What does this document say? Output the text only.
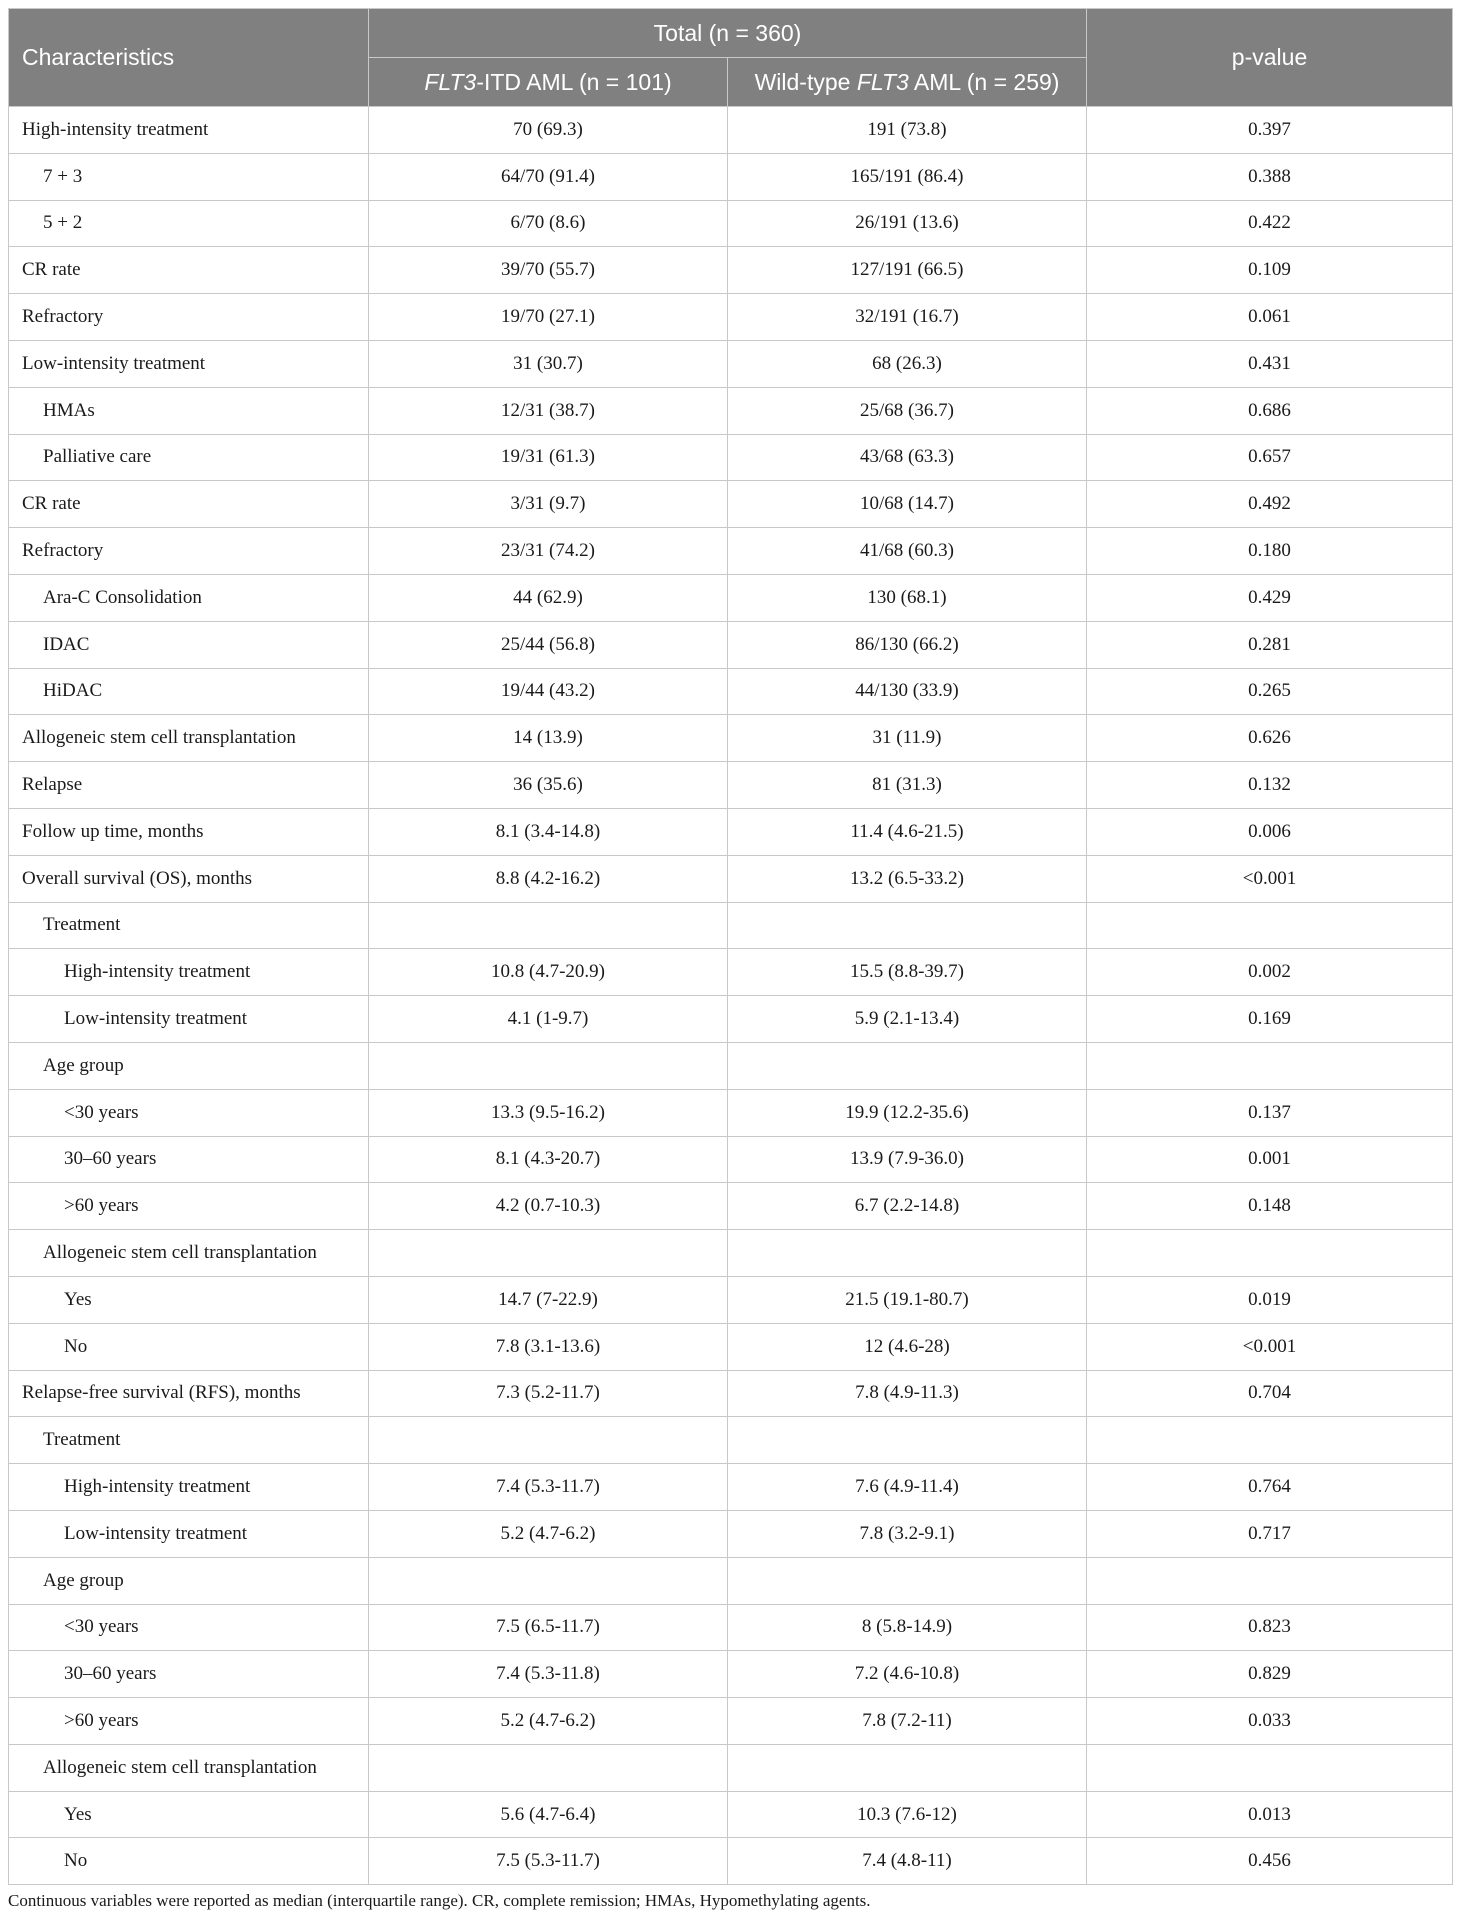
Characteristics	Total (n = 360)		p-value
	FLT3-ITD AML (n = 101)	Wild-type FLT3 AML (n = 259)	
High-intensity treatment	70 (69.3)	191 (73.8)	0.397
7 + 3	64/70 (91.4)	165/191 (86.4)	0.388
5 + 2	6/70 (8.6)	26/191 (13.6)	0.422
CR rate	39/70 (55.7)	127/191 (66.5)	0.109
Refractory	19/70 (27.1)	32/191 (16.7)	0.061
Low-intensity treatment	31 (30.7)	68 (26.3)	0.431
HMAs	12/31 (38.7)	25/68 (36.7)	0.686
Palliative care	19/31 (61.3)	43/68 (63.3)	0.657
CR rate	3/31 (9.7)	10/68 (14.7)	0.492
Refractory	23/31 (74.2)	41/68 (60.3)	0.180
Ara-C Consolidation	44 (62.9)	130 (68.1)	0.429
IDAC	25/44 (56.8)	86/130 (66.2)	0.281
HiDAC	19/44 (43.2)	44/130 (33.9)	0.265
Allogeneic stem cell transplantation	14 (13.9)	31 (11.9)	0.626
Relapse	36 (35.6)	81 (31.3)	0.132
Follow up time, months	8.1 (3.4-14.8)	11.4 (4.6-21.5)	0.006
Overall survival (OS), months	8.8 (4.2-16.2)	13.2 (6.5-33.2)	<0.001
Treatment			
High-intensity treatment	10.8 (4.7-20.9)	15.5 (8.8-39.7)	0.002
Low-intensity treatment	4.1 (1-9.7)	5.9 (2.1-13.4)	0.169
Age group			
<30 years	13.3 (9.5-16.2)	19.9 (12.2-35.6)	0.137
30–60 years	8.1 (4.3-20.7)	13.9 (7.9-36.0)	0.001
>60 years	4.2 (0.7-10.3)	6.7 (2.2-14.8)	0.148
Allogeneic stem cell transplantation			
Yes	14.7 (7-22.9)	21.5 (19.1-80.7)	0.019
No	7.8 (3.1-13.6)	12 (4.6-28)	<0.001
Relapse-free survival (RFS), months	7.3 (5.2-11.7)	7.8 (4.9-11.3)	0.704
Treatment			
High-intensity treatment	7.4 (5.3-11.7)	7.6 (4.9-11.4)	0.764
Low-intensity treatment	5.2 (4.7-6.2)	7.8 (3.2-9.1)	0.717
Age group			
<30 years	7.5 (6.5-11.7)	8 (5.8-14.9)	0.823
30–60 years	7.4 (5.3-11.8)	7.2 (4.6-10.8)	0.829
>60 years	5.2 (4.7-6.2)	7.8 (7.2-11)	0.033
Allogeneic stem cell transplantation			
Yes	5.6 (4.7-6.4)	10.3 (7.6-12)	0.013
No	7.5 (5.3-11.7)	7.4 (4.8-11)	0.456
Continuous variables were reported as median (interquartile range). CR, complete remission; HMAs, Hypomethylating agents.
